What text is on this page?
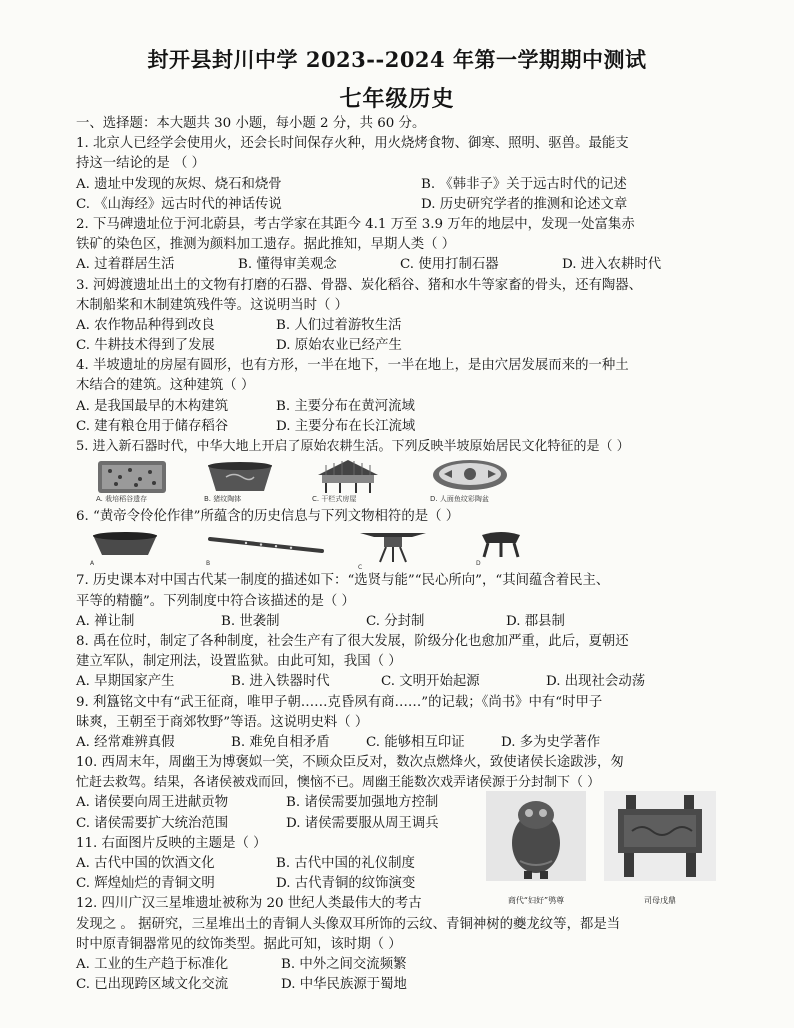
封开县封川中学 2023--2024 年第一学期期中测试
七年级历史
一、选择题：本大题共 30 小题，每小题 2 分，共 60 分。
1. 北京人已经学会使用火，还会长时间保存火种，用火烧烤食物、御寒、照明、驱兽。最能支
持这一结论的是 （ ）
A. 遗址中发现的灰烬、烧石和烧骨	B. 《韩非子》关于远古时代的记述
C. 《山海经》远古时代的神话传说	D. 历史研究学者的推测和论述文章
2. 下马碑遗址位于河北蔚县，考古学家在其距今 4.1 万至 3.9 万年的地层中，发现一处富集赤
铁矿的染色区，推测为颜料加工遗存。据此推知，早期人类（ ）
A. 过着群居生活	B. 懂得审美观念	C. 使用打制石器	D. 进入农耕时代
3. 河姆渡遗址出土的文物有打磨的石器、骨器、炭化稻谷、猪和水牛等家畜的骨头，还有陶器、
木制船桨和木制建筑残件等。这说明当时（ ）
A. 农作物品种得到改良	B. 人们过着游牧生活
C. 牛耕技术得到了发展	D. 原始农业已经产生
4. 半坡遗址的房屋有圆形，也有方形，一半在地下，一半在地上，是由穴居发展而来的一种土
木结合的建筑。这种建筑（ ）
A. 是我国最早的木构建筑	B. 主要分布在黄河流域
C. 建有粮仓用于储存稻谷	D. 主要分布在长江流域
5. 进入新石器时代，中华大地上开启了原始农耕生活。下列反映半坡原始居民文化特征的是（ ）
A. 栽培稻谷遗存	B. 猪纹陶钵	C. 干栏式房屋	D. 人面鱼纹彩陶盆
6. “黄帝令伶伦作律”所蕴含的历史信息与下列文物相符的是（ ）
A	B
C
D
7. 历史课本对中国古代某一制度的描述如下：“选贤与能”“民心所向”，“其间蕴含着民主、
平等的精髓”。下列制度中符合该描述的是（ ）
A. 禅让制	B. 世袭制	C. 分封制	D. 郡县制
8. 禹在位时，制定了各种制度，社会生产有了很大发展，阶级分化也愈加严重，此后，夏朝还
建立军队，制定刑法，设置监狱。由此可知，我国（ ）
A. 早期国家产生	B. 进入铁器时代	C. 文明开始起源	D. 出现社会动荡
9. 利簋铭文中有“武王征商，唯甲子朝……克昏夙有商……”的记载；《尚书》中有“时甲子
昧爽，王朝至于商郊牧野”等语。这说明史料（ ）
A. 经常难辨真假	B. 难免自相矛盾	C. 能够相互印证	D. 多为史学著作
10. 西周末年，周幽王为博褒姒一笑，不顾众臣反对，数次点燃烽火，致使诸侯长途跋涉，匆
忙赶去救驾。结果，各诸侯被戏而回，懊恼不已。周幽王能数次戏弄诸侯源于分封制下（ ）
A. 诸侯要向周王进献贡物	B. 诸侯需要加强地方控制
C. 诸侯需要扩大统治范围	D. 诸侯需要服从周王调兵
11. 右面图片反映的主题是（ ）
A. 古代中国的饮酒文化	B. 古代中国的礼仪制度
C. 辉煌灿烂的青铜文明	D. 古代青铜的纹饰演变
商代“妇好”鸮尊	司母戊鼎
12. 四川广汉三星堆遗址被称为 20 世纪人类最伟大的考古
发现之 。 据研究，三星堆出土的青铜人头像双耳所饰的云纹、青铜神树的夔龙纹等，都是当
时中原青铜器常见的纹饰类型。据此可知，该时期（ ）
A. 工业的生产趋于标准化	B. 中外之间交流频繁
C. 已出现跨区域文化交流	D. 中华民族源于蜀地
